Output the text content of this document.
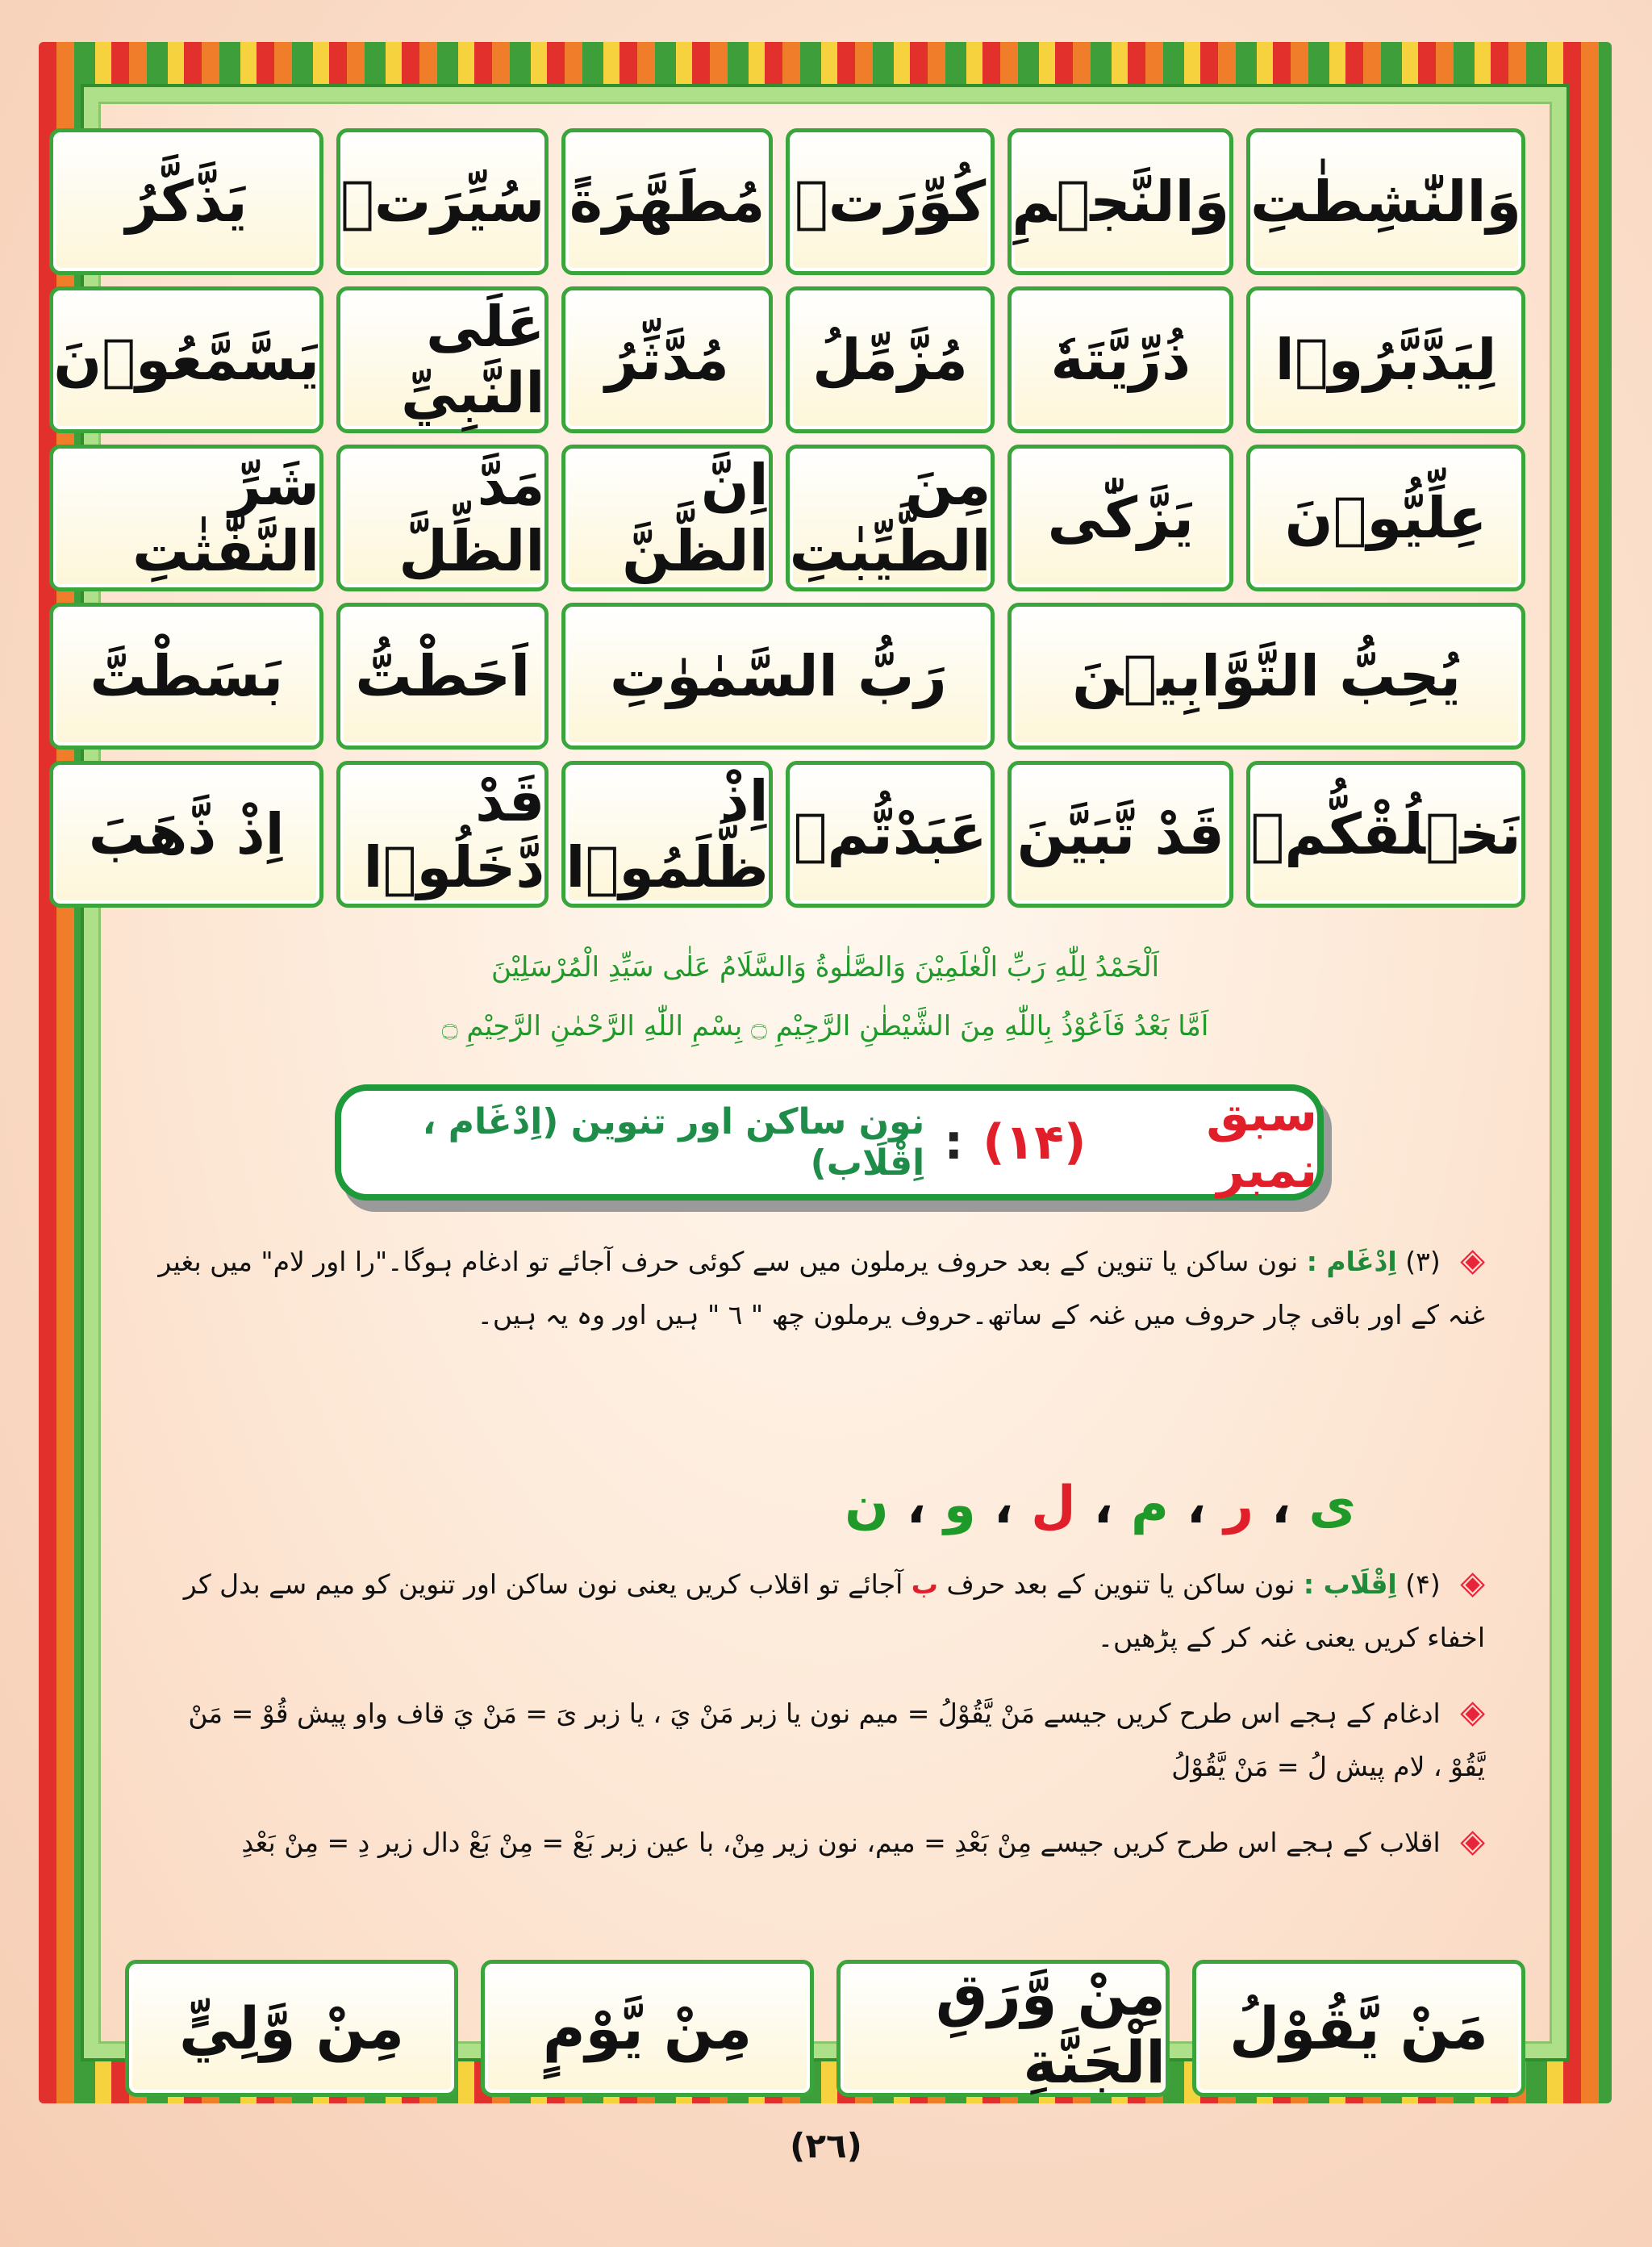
وَالنّٰشِطٰتِ
وَالنَّجۡمِ
كُوِّرَتۡ
مُطَهَّرَةً
سُيِّرَتۡ
يَذَّكَّرُ
لِيَدَّبَّرُوۡا
ذُرِّيَّتَهٗ
مُزَّمِّلُ
مُدَّثِّرُ
عَلَى النَّبِيِّ
يَسَّمَّعُوۡنَ
عِلِّيُّوۡنَ
يَزَّكّٰى
مِنَ الطَّيِّبٰتِ
اِنَّ الظَّنَّ
مَدَّ الظِّلَّ
شَرِّ النَّفّٰثٰتِ
يُحِبُّ التَّوَّابِيۡنَ
رَبُّ السَّمٰوٰتِ
اَحَطْتُّ
بَسَطْتَّ
نَخۡلُقْكُّمۡ
قَدْ تَّبَيَّنَ
عَبَدْتُّمۡ
اِذْ ظَّلَمُوۡا
قَدْ دَّخَلُوۡا
اِذْ ذَّهَبَ
اَلْحَمْدُ لِلّٰهِ رَبِّ الْعٰلَمِيْنَ وَالصَّلٰوةُ وَالسَّلَامُ عَلٰى سَيِّدِ الْمُرْسَلِيْنَ
اَمَّا بَعْدُ فَاَعُوْذُ بِاللّٰهِ مِنَ الشَّيْطٰنِ الرَّجِيْمِ ۝ بِسْمِ اللّٰهِ الرَّحْمٰنِ الرَّحِيْمِ ۝
سبق نمبر
(۱۴)
:
نون ساکن اور تنوین (اِدْغَام ، اِقْلَاب)
◈ (۳) اِدْغَام : نون ساکن یا تنوین کے بعد حروف یرملون میں سے کوئی حرف آجائے تو ادغام ہوگا۔"را اور لام" میں بغیر غنہ کے اور باقی چار حروف میں غنہ کے ساتھ۔حروف یرملون چھ " ٦ " ہیں اور وہ یہ ہیں۔
ی
،
ر
،
م
،
ل
،
و
،
ن
◈ (۴) اِقْلَاب : نون ساکن یا تنوین کے بعد حرف ب آجائے تو اقلاب کریں یعنی نون ساکن اور تنوین کو میم سے بدل کر اخفاء کریں یعنی غنہ کر کے پڑھیں۔
◈ ادغام کے ہجے اس طرح کریں جیسے مَنْ يَّقُوْلُ = میم نون یا زبر مَنْ يَ ، یا زبر یَ = مَنْ يَ قاف واو پیش قُوْ = مَنْ يَّقُوْ ، لام پیش لُ = مَنْ يَّقُوْلُ
◈ اقلاب کے ہجے اس طرح کریں جیسے مِنْ بَعْدِ = میم، نون زیر مِنْ، با عین زبر بَعْ = مِنْ بَعْ دال زیر دِ = مِنْ بَعْدِ
مَنْ يَّقُوْلُ
مِنْ وَّرَقِ الْجَنَّةِ
مِنْ يَّوْمٍ
مِنْ وَّلِيٍّ
(۲٦)
